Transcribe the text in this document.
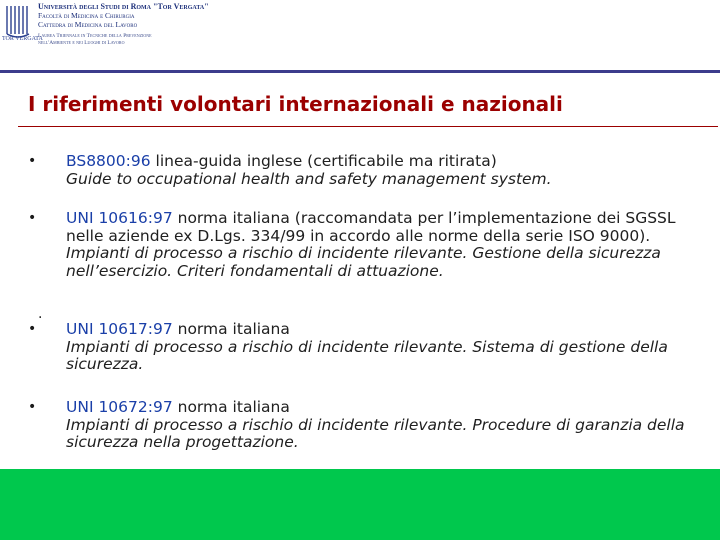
TOR VERGATA
Università degli Studi di Roma "Tor Vergata"
Facoltà di Medicina e Chirurgia
Cattedra di Medicina del Lavoro
Laurea Triennale in Tecniche della Prevenzione
nell'Ambiente e nei Luoghi di Lavoro
I riferimenti volontari internazionali e nazionali
•	BS8800:96 linea-guida inglese (certificabile ma ritirata)
Guide to occupational health and safety management system.
•	UNI 10616:97 norma italiana (raccomandata per l’implementazione dei SGSSL nelle aziende ex D.Lgs. 334/99 in accordo alle norme della serie ISO 9000).
Impianti di processo a rischio di incidente rilevante. Gestione della sicurezza nell’esercizio. Criteri fondamentali di attuazione.
.
•	UNI 10617:97 norma italiana
Impianti di processo a rischio di incidente rilevante. Sistema di gestione della sicurezza.
•	UNI 10672:97 norma italiana
Impianti di processo a rischio di incidente rilevante. Procedure di garanzia della sicurezza nella progettazione.
